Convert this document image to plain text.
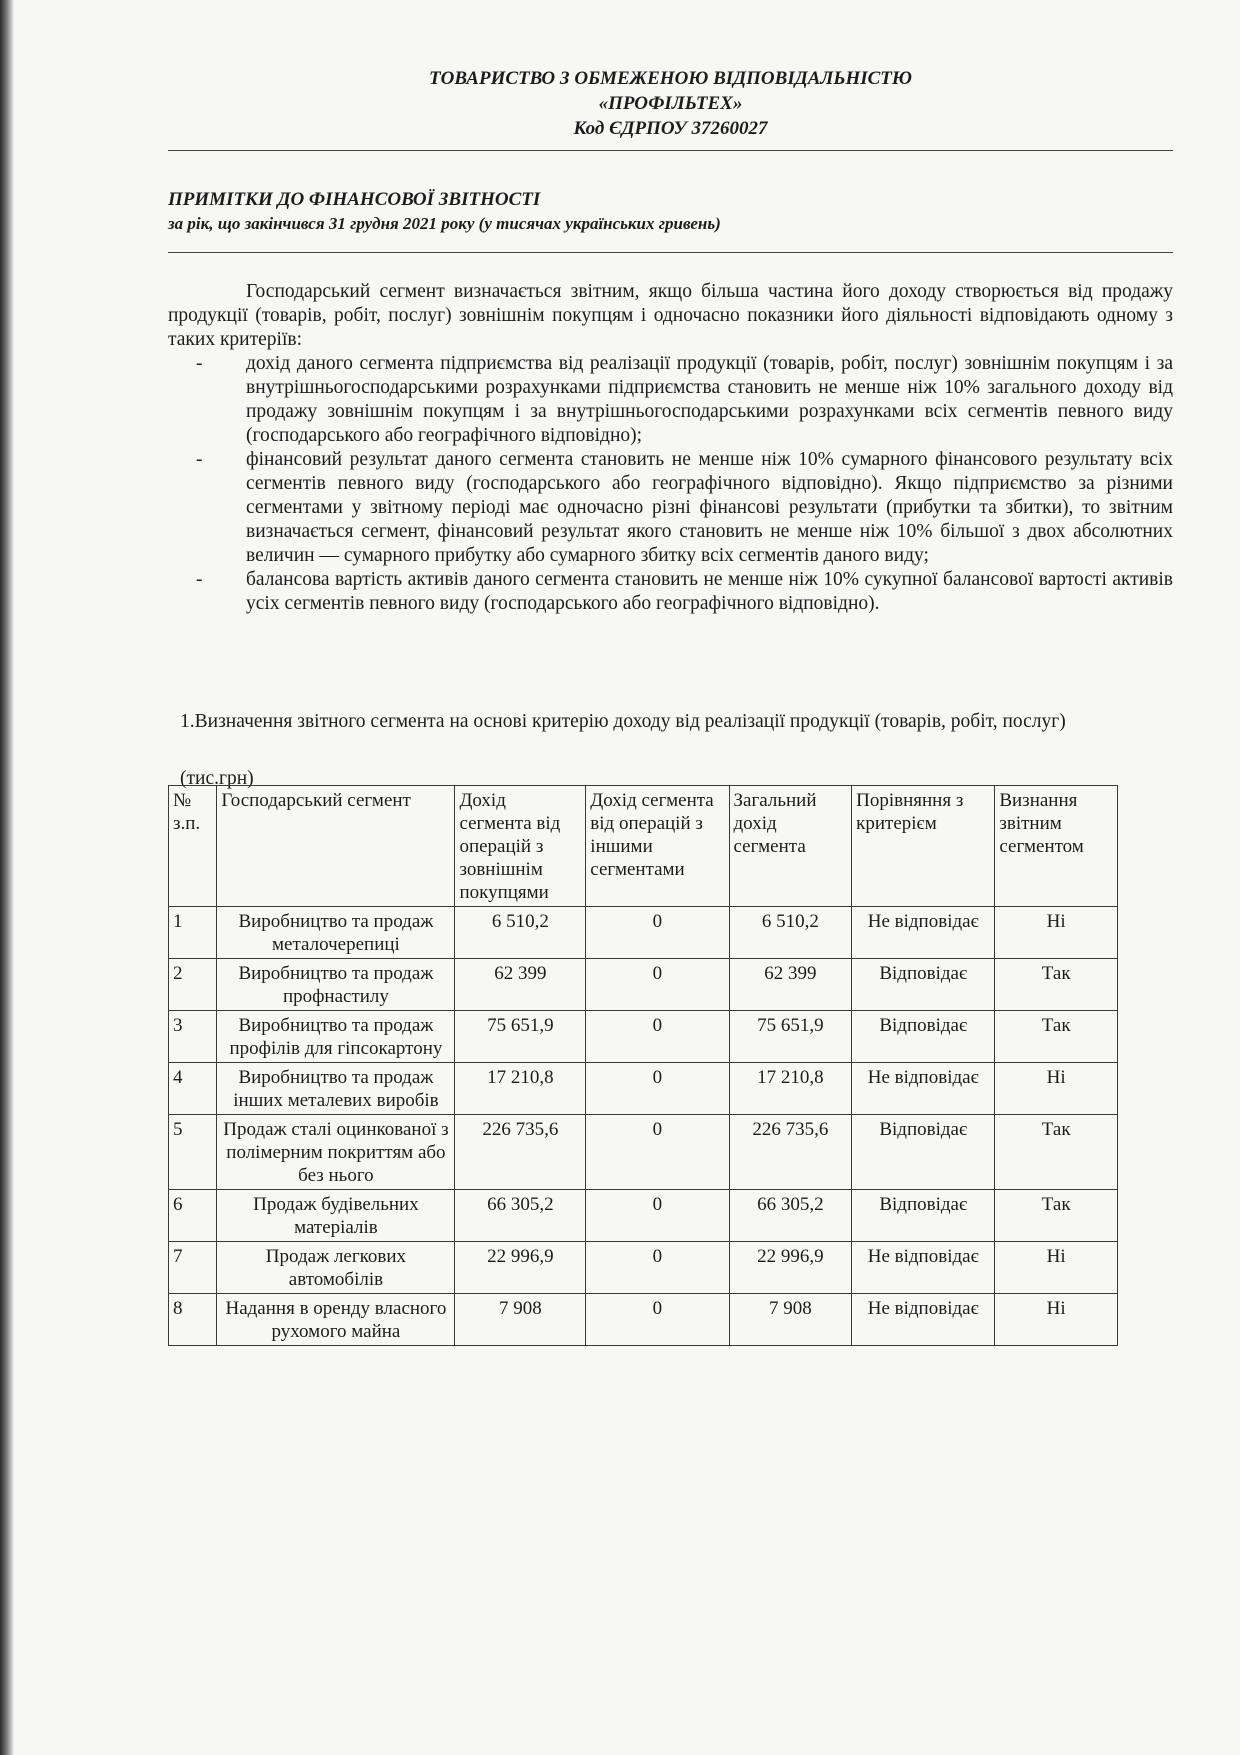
ТОВАРИСТВО З ОБМЕЖЕНОЮ ВІДПОВІДАЛЬНІСТЮ
«ПРОФІЛЬТЕХ»
Код ЄДРПОУ 37260027
ПРИМІТКИ ДО ФІНАНСОВОЇ ЗВІТНОСТІ
за рік, що закінчився 31 грудня 2021 року (у тисячах українських гривень)

Господарський сегмент визначається звітним, якщо більша частина його доходу створюється від продажу продукції (товарів, робіт, послуг) зовнішнім покупцям і одночасно показники його діяльності відповідають одному з таких критеріїв:

- дохід даного сегмента підприємства від реалізації продукції (товарів, робіт, послуг) зовнішнім покупцям і за внутрішньогосподарськими розрахунками підприємства становить не менше ніж 10% загального доходу від продажу зовнішнім покупцям і за внутрішньогосподарськими розрахунками всіх сегментів певного виду (господарського або географічного відповідно);
- фінансовий результат даного сегмента становить не менше ніж 10% сумарного фінансового результату всіх сегментів певного виду (господарського або географічного відповідно). Якщо підприємство за різними сегментами у звітному періоді має одночасно різні фінансові результати (прибутки та збитки), то звітним визначається сегмент, фінансовий результат якого становить не менше ніж 10% більшої з двох абсолютних величин — сумарного прибутку або сумарного збитку всіх сегментів даного виду;
- балансова вартість активів даного сегмента становить не менше ніж 10% сукупної балансової вартості активів усіх сегментів певного виду (господарського або географічного відповідно).
1.Визначення звітного сегмента на основі критерію доходу від реалізації продукції (товарів, робіт, послуг)
(тис.грн)
№ з.п.	Господарський сегмент	Дохід сегмента від операцій з зовнішнім покупцями	Дохід сегмента від операцій з іншими сегментами	Загальний дохід сегмента	Порівняння з критерієм	Визнання звітним сегментом
1	Виробництво та продаж металочерепиці	6 510,2	0	6 510,2	Не відповідає	Ні
2	Виробництво та продаж профнастилу	62 399	0	62 399	Відповідає	Так
3	Виробництво та продаж профілів для гіпсокартону	75 651,9	0	75 651,9	Відповідає	Так
4	Виробництво та продаж інших металевих виробів	17 210,8	0	17 210,8	Не відповідає	Ні
5	Продаж сталі оцинкованої з полімерним покриттям або без нього	226 735,6	0	226 735,6	Відповідає	Так
6	Продаж будівельних матеріалів	66 305,2	0	66 305,2	Відповідає	Так
7	Продаж легкових автомобілів	22 996,9	0	22 996,9	Не відповідає	Ні
8	Надання в оренду власного рухомого майна	7 908	0	7 908	Не відповідає	Ні
